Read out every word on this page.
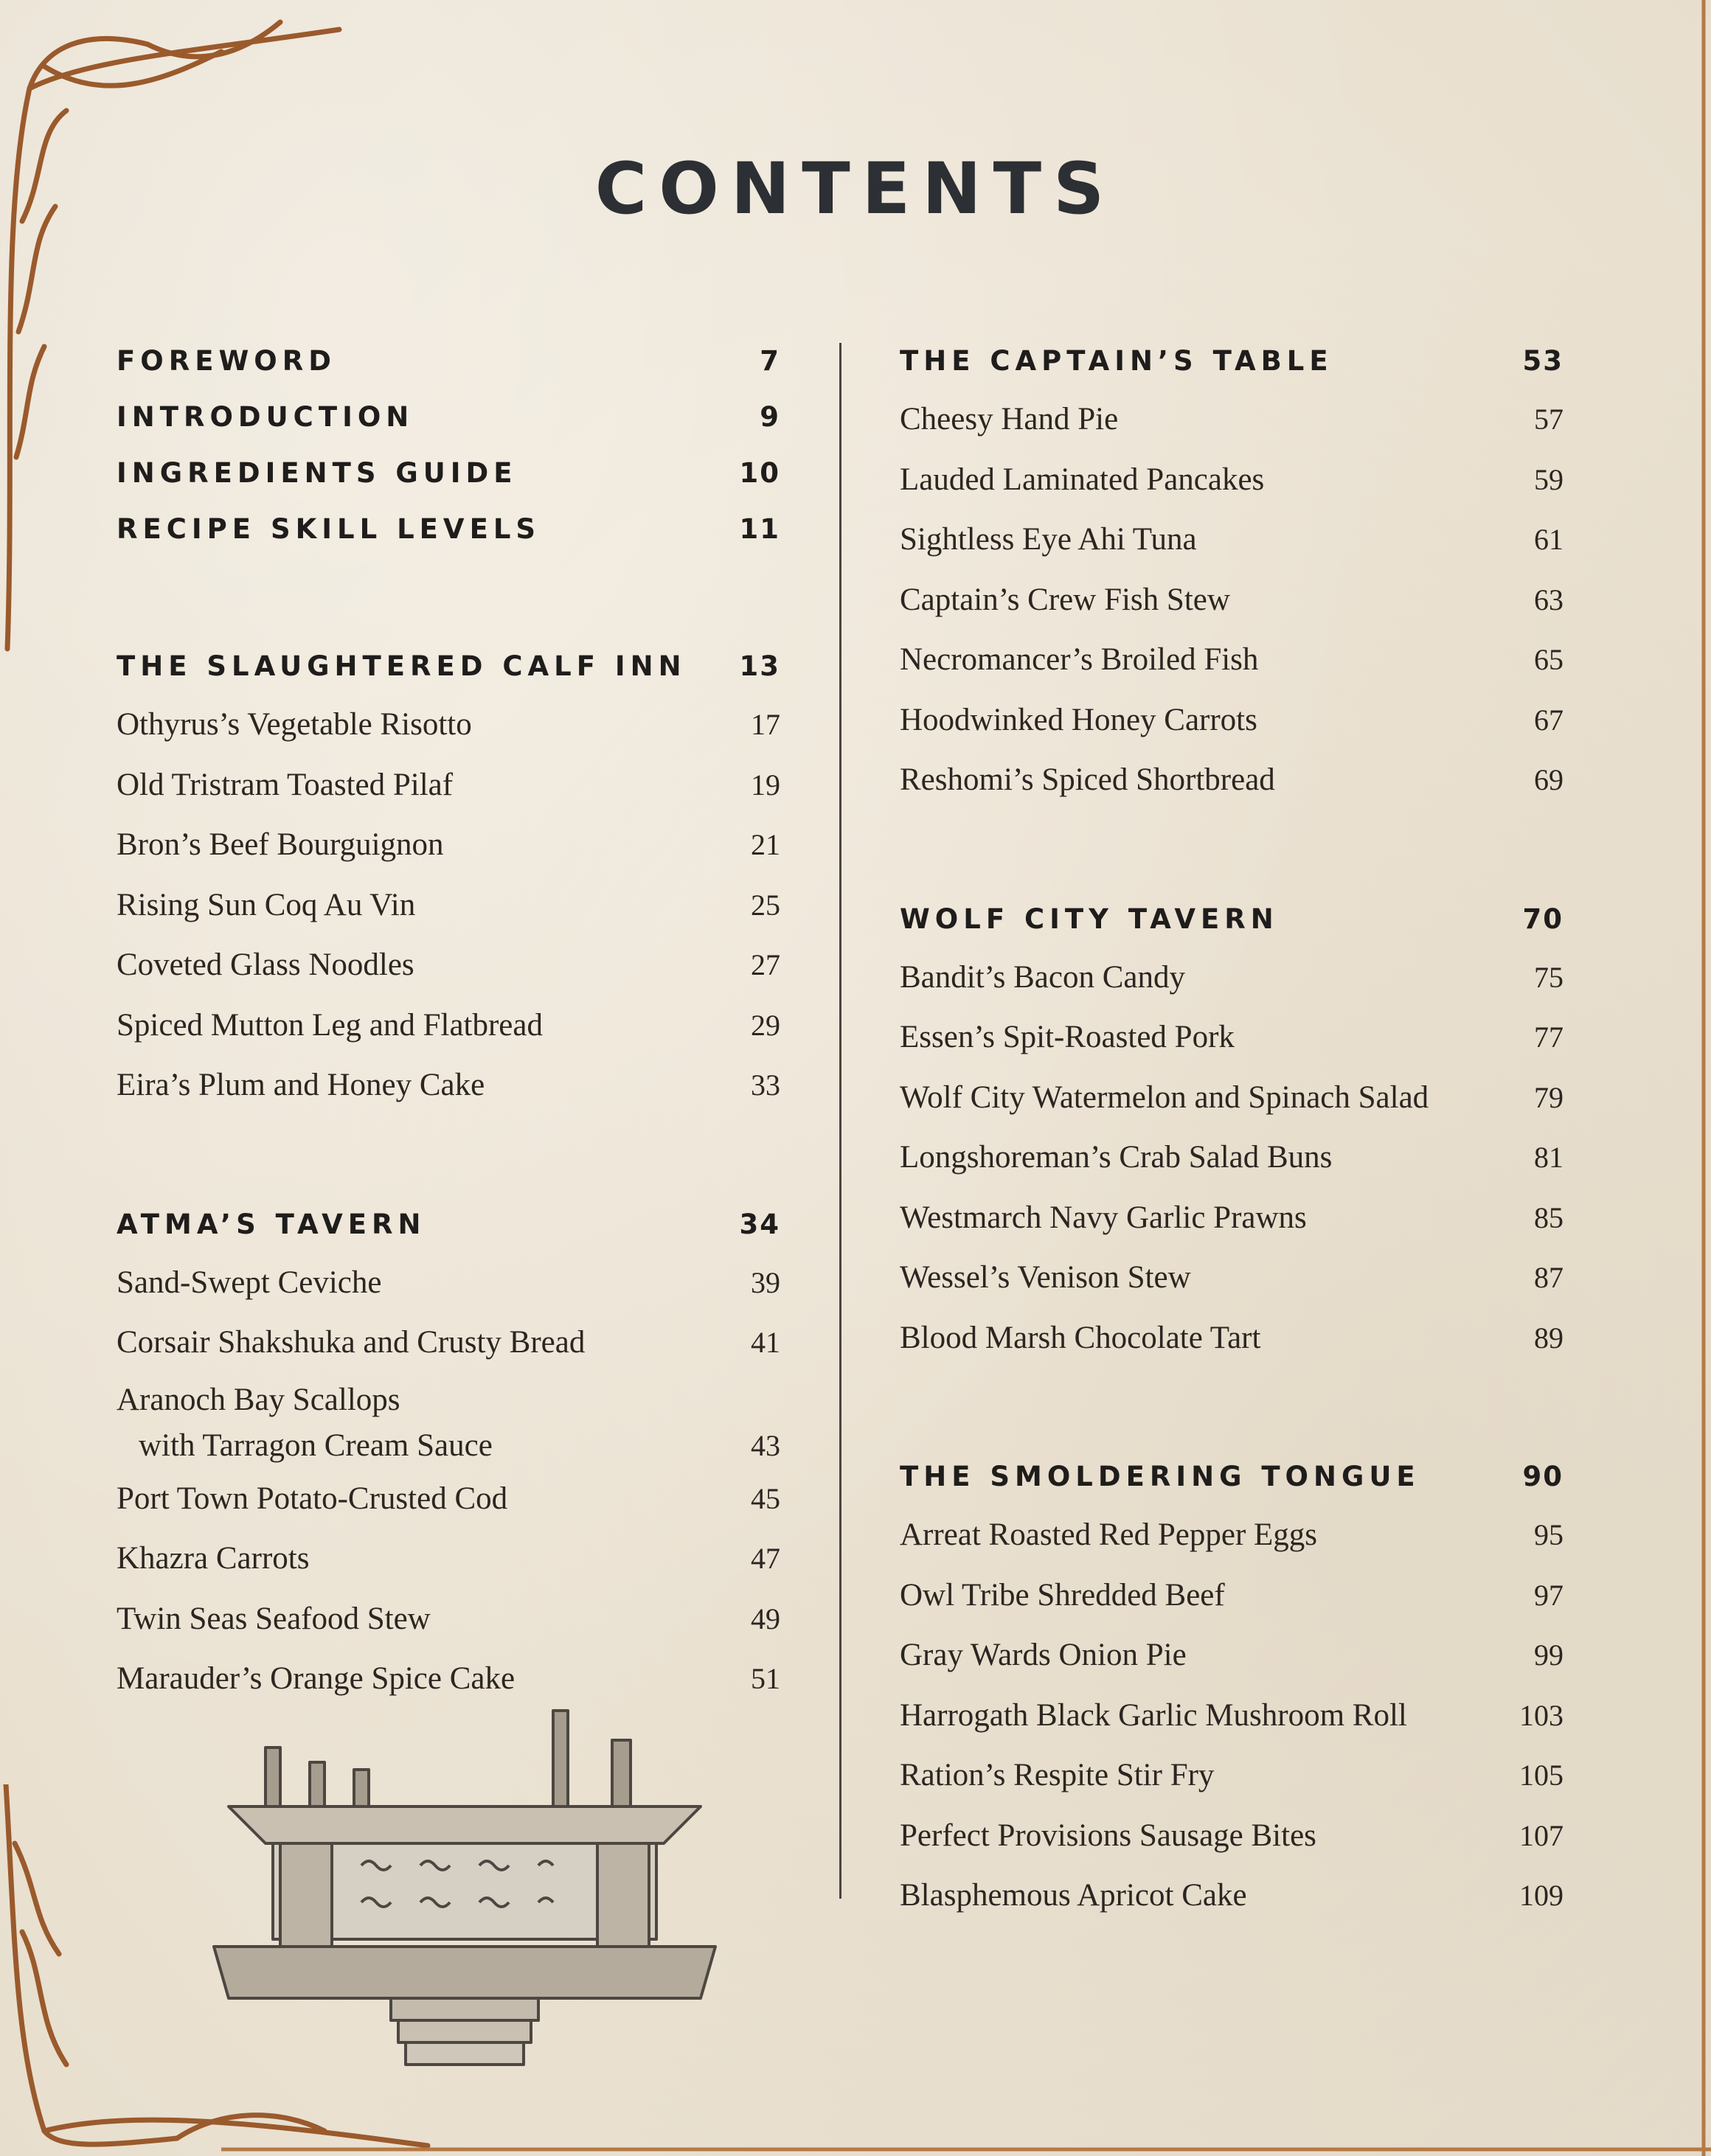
CONTENTS
FOREWORD	7
INTRODUCTION	9
INGREDIENTS GUIDE	10
RECIPE SKILL LEVELS	11
THE SLAUGHTERED CALF INN 13
Othyrus’s Vegetable Risotto	17
Old Tristram Toasted Pilaf	19
Bron’s Beef Bourguignon	21
Rising Sun Coq Au Vin	25
Coveted Glass Noodles	27
Spiced Mutton Leg and Flatbread	29
Eira’s Plum and Honey Cake	33
ATMA’S TAVERN	34
Sand-Swept Ceviche	39
Corsair Shakshuka and Crusty Bread	41
Aranoch Bay Scallops
with Tarragon Cream Sauce	43
Port Town Potato-Crusted Cod	45
Khazra Carrots	47
Twin Seas Seafood Stew	49
Marauder’s Orange Spice Cake	51
THE CAPTAIN’S TABLE	53
Cheesy Hand Pie	57
Lauded Laminated Pancakes	59
Sightless Eye Ahi Tuna	61
Captain’s Crew Fish Stew	63
Necromancer’s Broiled Fish	65
Hoodwinked Honey Carrots	67
Reshomi’s Spiced Shortbread	69
WOLF CITY TAVERN	70
Bandit’s Bacon Candy	75
Essen’s Spit-Roasted Pork	77
Wolf City Watermelon and Spinach Salad	79
Longshoreman’s Crab Salad Buns	81
Westmarch Navy Garlic Prawns	85
Wessel’s Venison Stew	87
Blood Marsh Chocolate Tart	89
THE SMOLDERING TONGUE	90
Arreat Roasted Red Pepper Eggs	95
Owl Tribe Shredded Beef	97
Gray Wards Onion Pie	99
Harrogath Black Garlic Mushroom Roll	103
Ration’s Respite Stir Fry	105
Perfect Provisions Sausage Bites	107
Blasphemous Apricot Cake	109
